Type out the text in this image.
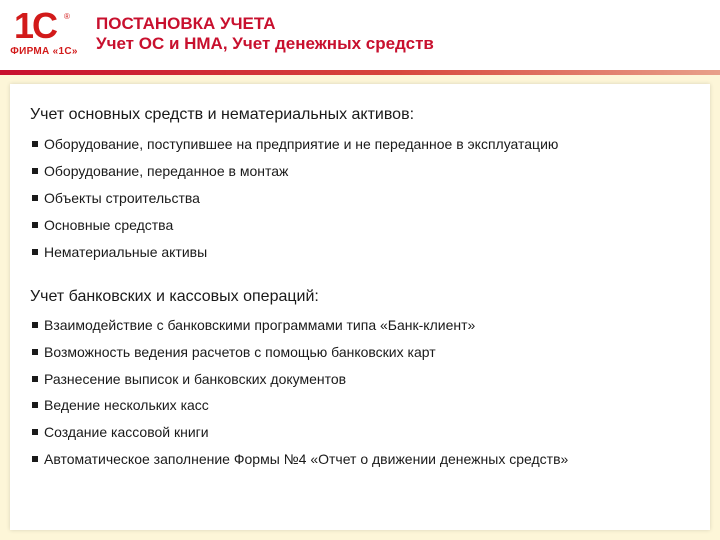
1С ®
ФИРМА «1С»
ПОСТАНОВКА УЧЕТА
Учет ОС и НМА, Учет денежных средств
Учет основных средств и нематериальных активов:
Оборудование, поступившее на предприятие и не переданное в эксплуатацию
Оборудование, переданное в монтаж
Объекты строительства
Основные средства
Нематериальные активы
Учет банковских и кассовых операций:
Взаимодействие с банковскими программами типа «Банк-клиент»
Возможность ведения расчетов с помощью банковских карт
Разнесение выписок и банковских документов
Ведение нескольких касс
Создание кассовой книги
Автоматическое заполнение Формы №4 «Отчет о движении денежных средств»
